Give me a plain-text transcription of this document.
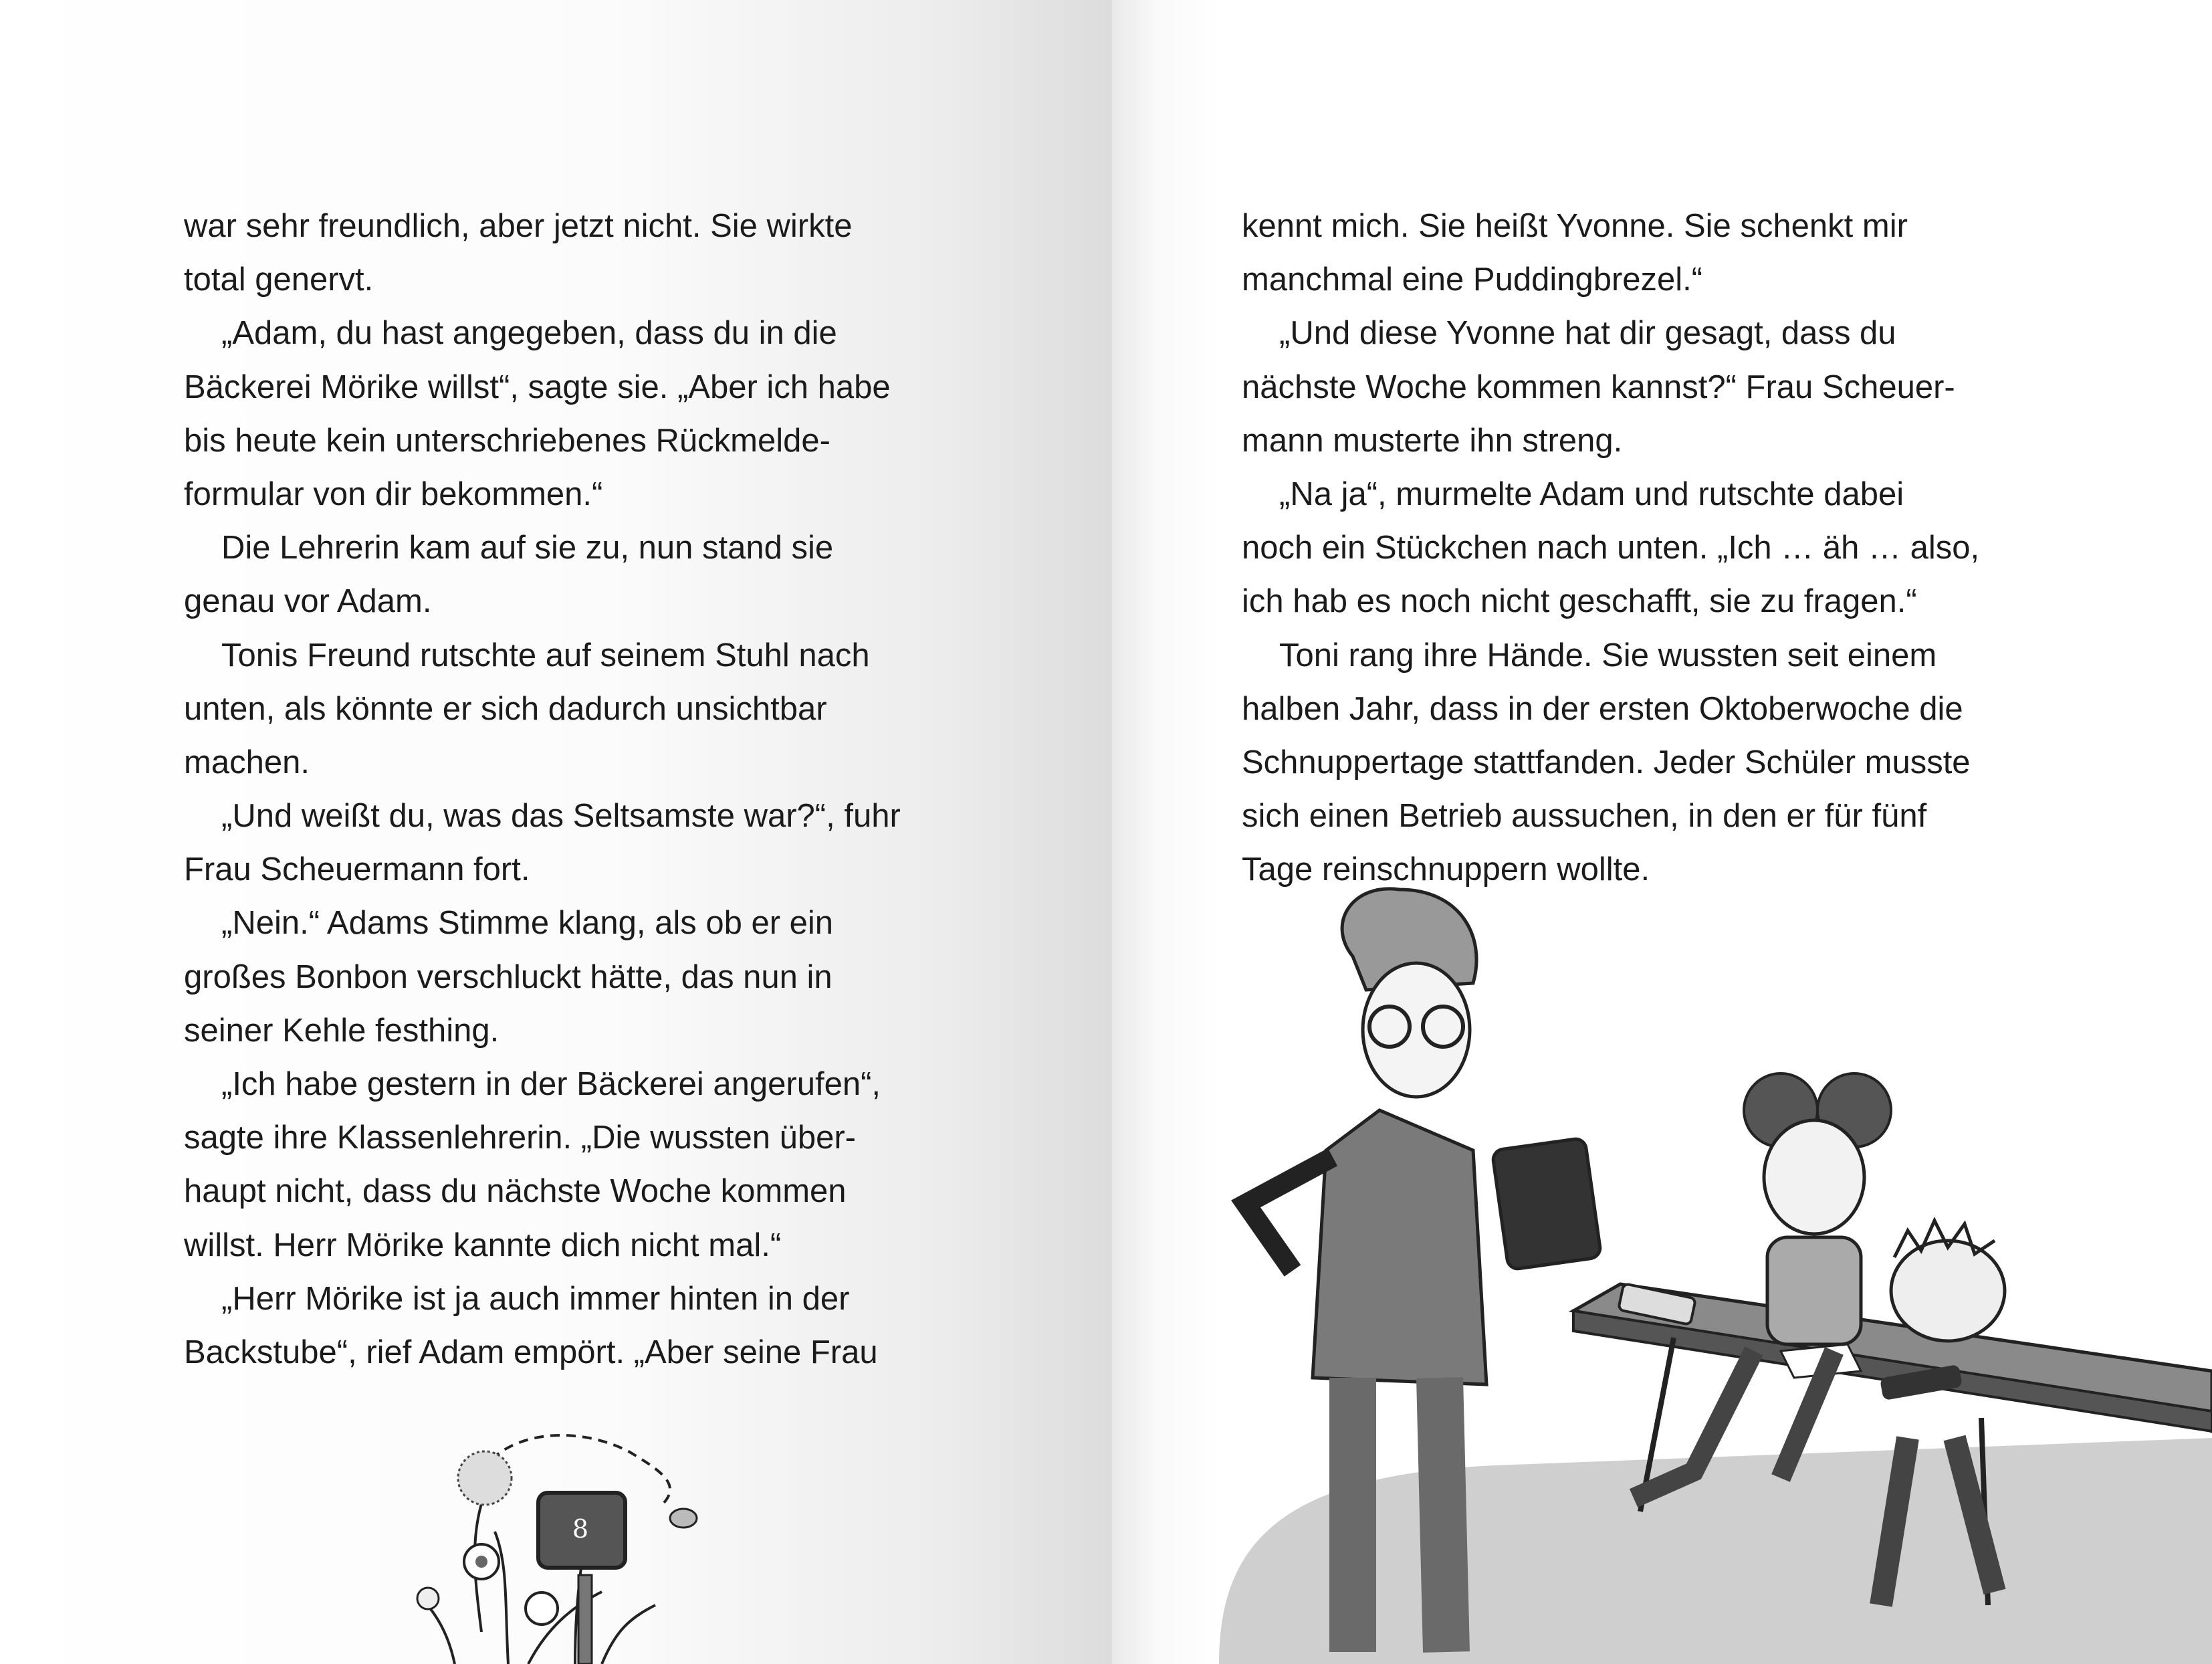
war sehr freundlich, aber jetzt nicht. Sie wirkte
total genervt.
„Adam, du hast angegeben, dass du in die
Bäckerei Mörike willst“, sagte sie. „Aber ich habe
bis heute kein unterschriebenes Rückmelde-
formular von dir bekommen.“
Die Lehrerin kam auf sie zu, nun stand sie
genau vor Adam.
Tonis Freund rutschte auf seinem Stuhl nach
unten, als könnte er sich dadurch unsichtbar
machen.
„Und weißt du, was das Seltsamste war?“, fuhr
Frau Scheuermann fort.
„Nein.“ Adams Stimme klang, als ob er ein
großes Bonbon verschluckt hätte, das nun in
seiner Kehle festhing.
„Ich habe gestern in der Bäckerei angerufen“,
sagte ihre Klassenlehrerin. „Die wussten über-
haupt nicht, dass du nächste Woche kommen
willst. Herr Mörike kannte dich nicht mal.“
„Herr Mörike ist ja auch immer hinten in der
Backstube“, rief Adam empört. „Aber seine Frau
8
kennt mich. Sie heißt Yvonne. Sie schenkt mir
manchmal eine Puddingbrezel.“
„Und diese Yvonne hat dir gesagt, dass du
nächste Woche kommen kannst?“ Frau Scheuer-
mann musterte ihn streng.
„Na ja“, murmelte Adam und rutschte dabei
noch ein Stückchen nach unten. „Ich … äh … also,
ich hab es noch nicht geschafft, sie zu fragen.“
Toni rang ihre Hände. Sie wussten seit einem
halben Jahr, dass in der ersten Oktoberwoche die
Schnuppertage stattfanden. Jeder Schüler musste
sich einen Betrieb aussuchen, in den er für fünf
Tage reinschnuppern wollte.
